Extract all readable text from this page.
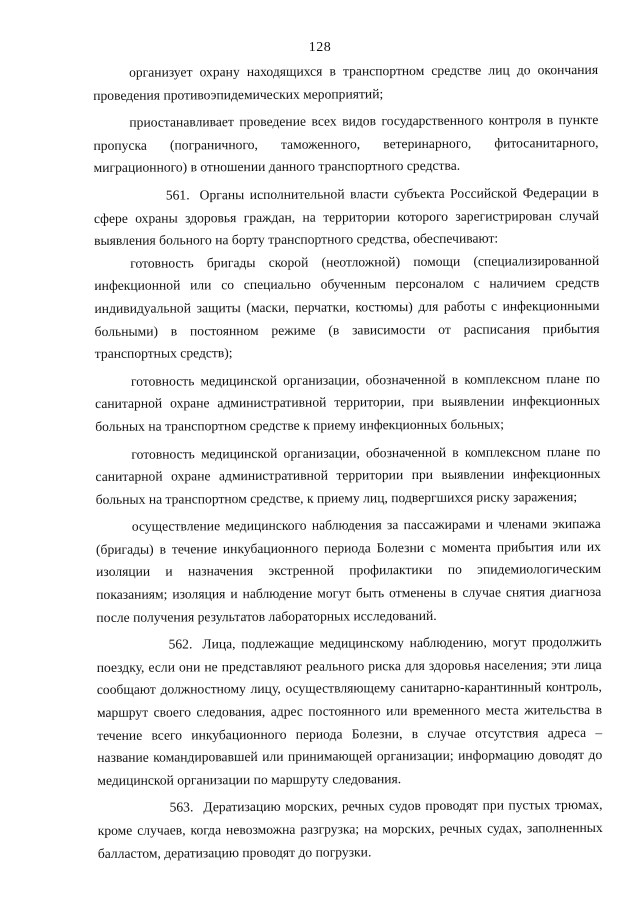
128

организует охрану находящихся в транспортном средстве лиц до окончания проведения противоэпидемических мероприятий;

приостанавливает проведение всех видов государственного контроля в пункте пропуска (пограничного, таможенного, ветеринарного, фитосанитарного, миграционного) в отношении данного транспортного средства.

561. Органы исполнительной власти субъекта Российской Федерации в сфере охраны здоровья граждан, на территории которого зарегистрирован случай выявления больного на борту транспортного средства, обеспечивают:

готовность бригады скорой (неотложной) помощи (специализированной инфекционной или со специально обученным персоналом с наличием средств индивидуальной защиты (маски, перчатки, костюмы) для работы с инфекционными больными) в постоянном режиме (в зависимости от расписания прибытия транспортных средств);

готовность медицинской организации, обозначенной в комплексном плане по санитарной охране административной территории, при выявлении инфекционных больных на транспортном средстве к приему инфекционных больных;

готовность медицинской организации, обозначенной в комплексном плане по санитарной охране административной территории при выявлении инфекционных больных на транспортном средстве, к приему лиц, подвергшихся риску заражения;

осуществление медицинского наблюдения за пассажирами и членами экипажа (бригады) в течение инкубационного периода Болезни с момента прибытия или их изоляции и назначения экстренной профилактики по эпидемиологическим показаниям; изоляция и наблюдение могут быть отменены в случае снятия диагноза после получения результатов лабораторных исследований.

562. Лица, подлежащие медицинскому наблюдению, могут продолжить поездку, если они не представляют реального риска для здоровья населения; эти лица сообщают должностному лицу, осуществляющему санитарно-карантинный контроль, маршрут своего следования, адрес постоянного или временного места жительства в течение всего инкубационного периода Болезни, в случае отсутствия адреса – название командировавшей или принимающей организации; информацию доводят до медицинской организации по маршруту следования.

563. Дератизацию морских, речных судов проводят при пустых трюмах, кроме случаев, когда невозможна разгрузка; на морских, речных судах, заполненных балластом, дератизацию проводят до погрузки.
